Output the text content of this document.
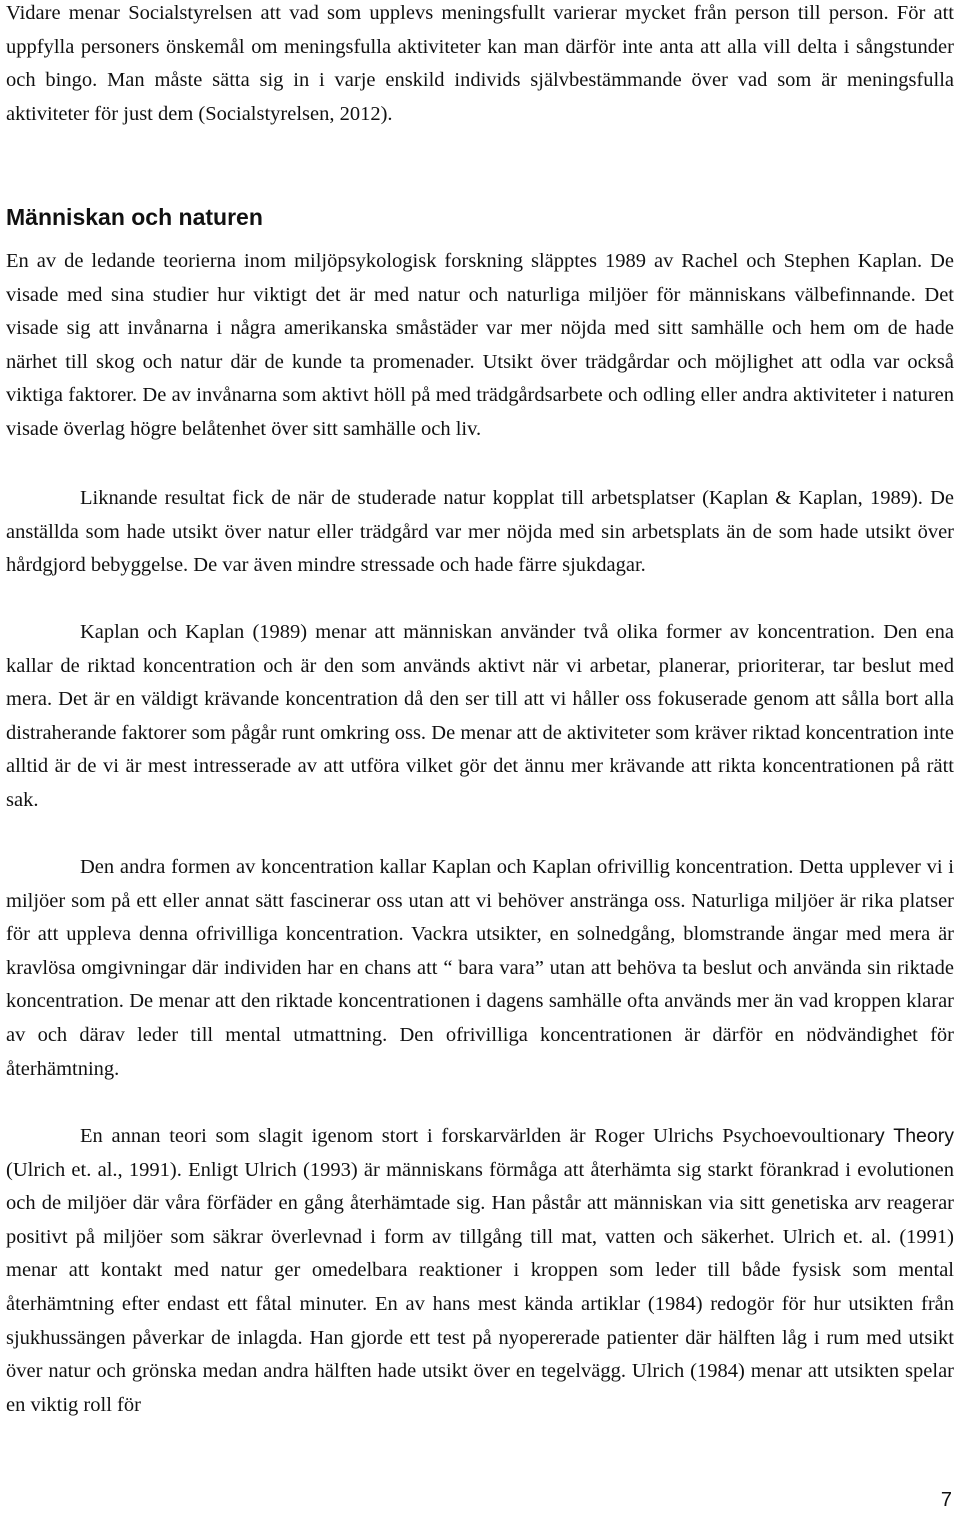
Vidare menar Socialstyrelsen att vad som upplevs meningsfullt varierar mycket från person till person. För att uppfylla personers önskemål om meningsfulla aktiviteter kan man därför inte anta att alla vill delta i sångstunder och bingo. Man måste sätta sig in i varje enskild individs självbestämmande över vad som är meningsfulla aktiviteter för just dem (Socialstyrelsen, 2012).
Människan och naturen
En av de ledande teorierna inom miljöpsykologisk forskning släpptes 1989 av Rachel och Stephen Kaplan. De visade med sina studier hur viktigt det är med natur och naturliga miljöer för människans välbefinnande. Det visade sig att invånarna i några amerikanska småstäder var mer nöjda med sitt samhälle och hem om de hade närhet till skog och natur där de kunde ta promenader. Utsikt över trädgårdar och möjlighet att odla var också viktiga faktorer. De av invånarna som aktivt höll på med trädgårdsarbete och odling eller andra aktiviteter i naturen visade överlag högre belåtenhet över sitt samhälle och liv.
Liknande resultat fick de när de studerade natur kopplat till arbetsplatser (Kaplan & Kaplan, 1989). De anställda som hade utsikt över natur eller trädgård var mer nöjda med sin arbetsplats än de som hade utsikt över hårdgjord bebyggelse. De var även mindre stressade och hade färre sjukdagar.
Kaplan och Kaplan (1989) menar att människan använder två olika former av koncentration. Den ena kallar de riktad koncentration och är den som används aktivt när vi arbetar, planerar, prioriterar, tar beslut med mera. Det är en väldigt krävande koncentration då den ser till att vi håller oss fokuserade genom att sålla bort alla distraherande faktorer som pågår runt omkring oss. De menar att de aktiviteter som kräver riktad koncentration inte alltid är de vi är mest intresserade av att utföra vilket gör det ännu mer krävande att rikta koncentrationen på rätt sak.
Den andra formen av koncentration kallar Kaplan och Kaplan ofrivillig koncentration. Detta upplever vi i miljöer som på ett eller annat sätt fascinerar oss utan att vi behöver anstränga oss. Naturliga miljöer är rika platser för att uppleva denna ofrivilliga koncentration. Vackra utsikter, en solnedgång, blomstrande ängar med mera är kravlösa omgivningar där individen har en chans att “ bara vara” utan att behöva ta beslut och använda sin riktade koncentration. De menar att den riktade koncentrationen i dagens samhälle ofta används mer än vad kroppen klarar av och därav leder till mental utmattning. Den ofrivilliga koncentrationen är därför en nödvändighet för återhämtning.
En annan teori som slagit igenom stort i forskarvärlden är Roger Ulrichs Psychoevoultionary Theory (Ulrich et. al., 1991). Enligt Ulrich (1993) är människans förmåga att återhämta sig starkt förankrad i evolutionen och de miljöer där våra förfäder en gång återhämtade sig. Han påstår att människan via sitt genetiska arv reagerar positivt på miljöer som säkrar överlevnad i form av tillgång till mat, vatten och säkerhet. Ulrich et. al. (1991) menar att kontakt med natur ger omedelbara reaktioner i kroppen som leder till både fysisk som mental återhämtning efter endast ett fåtal minuter. En av hans mest kända artiklar (1984) redogör för hur utsikten från sjukhussängen påverkar de inlagda. Han gjorde ett test på nyopererade patienter där hälften låg i rum med utsikt över natur och grönska medan andra hälften hade utsikt över en tegelvägg. Ulrich (1984) menar att utsikten spelar en viktig roll för
7
